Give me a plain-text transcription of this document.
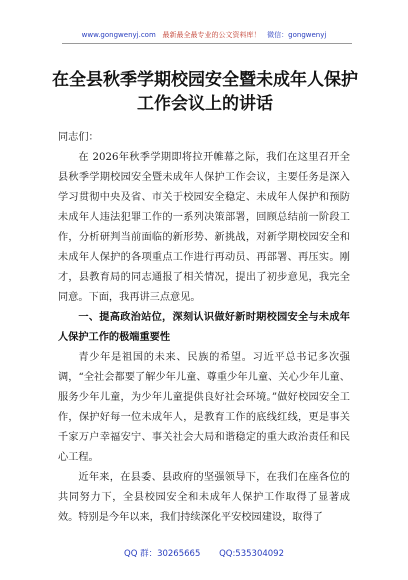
www.gongwenyj.com 最新最全最专业的公文资料库！ 微信：gongwenyj
在全县秋季学期校园安全暨未成年人保护
工作会议上的讲话

同志们：

在 2026年秋季学期即将拉开帷幕之际，我们在这里召开全县秋季学期校园安全暨未成年人保护工作会议，主要任务是深入学习贯彻中央及省、市关于校园安全稳定、未成年人保护和预防未成年人违法犯罪工作的一系列决策部署，回顾总结前一阶段工作，分析研判当前面临的新形势、新挑战，对新学期校园安全和未成年人保护的各项重点工作进行再动员、再部署、再压实。刚才，县教育局的同志通报了相关情况，提出了初步意见，我完全同意。下面，我再讲三点意见。

一、提高政治站位，深刻认识做好新时期校园安全与未成年人保护工作的极端重要性

青少年是祖国的未来、民族的希望。习近平总书记多次强调，“全社会都要了解少年儿童、尊重少年儿童、关心少年儿童、服务少年儿童，为少年儿童提供良好社会环境。”做好校园安全工作，保护好每一位未成年人，是教育工作的底线红线，更是事关千家万户幸福安宁、事关社会大局和谐稳定的重大政治责任和民心工程。

近年来，在县委、县政府的坚强领导下，在我们在座各位的共同努力下，全县校园安全和未成年人保护工作取得了显著成效。特别是今年以来，我们持续深化平安校园建设，取得了

QQ 群：30265665 QQ:535304092
